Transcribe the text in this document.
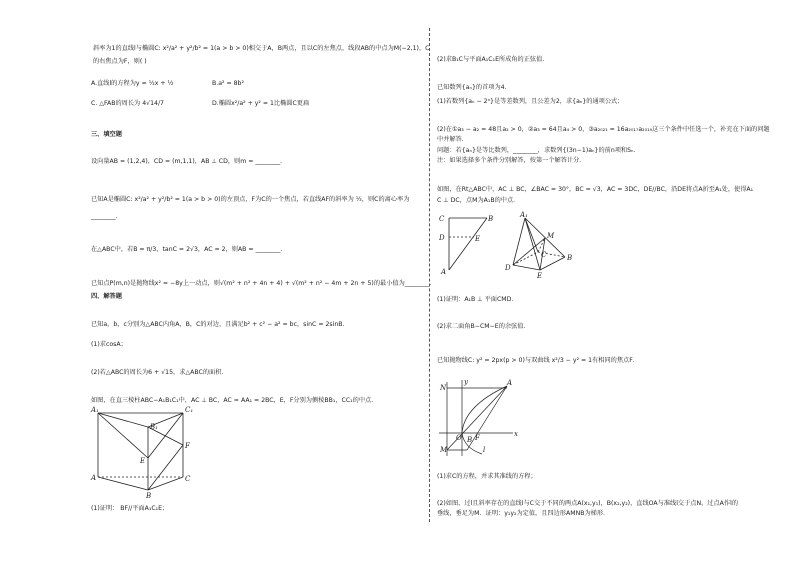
斜率为1的直线l与椭圆C: x²/a² + y²/b² = 1(a > b > 0)相交于A，B两点，且以C的左焦点，线段AB的中点为M(−2,1)，C
的右焦点为F，则( )
A.直线l的方程为y = ½x + ½	B.a² = 8b²
C. △FAB的周长为 4√14/7	D.椭圆x²/a² + y² = 1比椭圆C更扁
三、填空题
设向量AB = (1,2,4)，CD = (m,1,1)，AB ⊥ CD，则m = ________.
已知A是椭圆C: x²/a² + y²/b² = 1(a > b > 0)的左顶点，F为C的一个焦点，若直线AF的斜率为 ½，则C的离心率为
________.
在△ABC中，若B = π/3，tanC = 2√3，AC = 2，则AB = ________.
已知点P(m,n)是抛物线x² = −8y上一动点，则√(m² + n² + 4n + 4) + √(m² + n² − 4m + 2n + 5)的最小值为________.
四、解答题
已知a，b，c分别为△ABC内角A，B，C的对边，且满足b² + c² − a² = bc，sinC = 2sinB.
(1)求cosA；
(2)若△ABC的周长为6 + √15，求△ABC的面积.
如图，在直三棱柱ABC−A₁B₁C₁中，AC ⊥ BC，AC = AA₁ = 2BC，E，F分别为侧棱BB₁，CC₁的中点．
A₁	C₁
B₁
E
F
A	C
B
(1)证明： BF//平面A₁C₁E；
(2)求B₁C与平面A₁C₁E所成角的正弦值.
已知数列{aₙ}的首项为4.
(1)若数列{aₙ − 2ⁿ}是等差数列，且公差为2，求{aₙ}的通项公式；
(2)在①a₃ − a₂ = 48且a₂ > 0，②a₃ = 64且a₄ > 0，③a₂₀₂₁ = 16a₂₀₁₇a₂₀₁₉这三个条件中任选一个，补充在下面的问题
中并解答．
问题：若{aₙ}是等比数列，________，求数列{(3n−1)aₙ}的前n项和Sₙ．
注：如果选择多个条件分别解答，按第一个解答计分．
如图，在Rt△ABC中，AC ⊥ BC，∠BAC = 30°，BC = √3，AC = 3DC，DE//BC，沿DE将点A折至A₁处，使得A₁
C ⊥ DC，点M为A₁B的中点．
C	B
D	E
A
A₁
M
C	B
D
E
(1)证明：A₁B ⊥ 平面CMD．
(2)求二面角B−CM−E的余弦值．
已知抛物线C: y² = 2px(p > 0)与双曲线 x²/3 − y² = 1有相同的焦点F．
N
A
B
O F
M
x
y
l
(1)求C的方程，并求其准线的方程；
(2)如图，过l且斜率存在的直线l与C交于不同的两点A(x₁,y₁)，B(x₂,y₂)，直线OA与准线l交于点N，过点A作l的
垂线，垂足为M．证明：y₁y₂为定值，且四边形AMNB为梯形．
